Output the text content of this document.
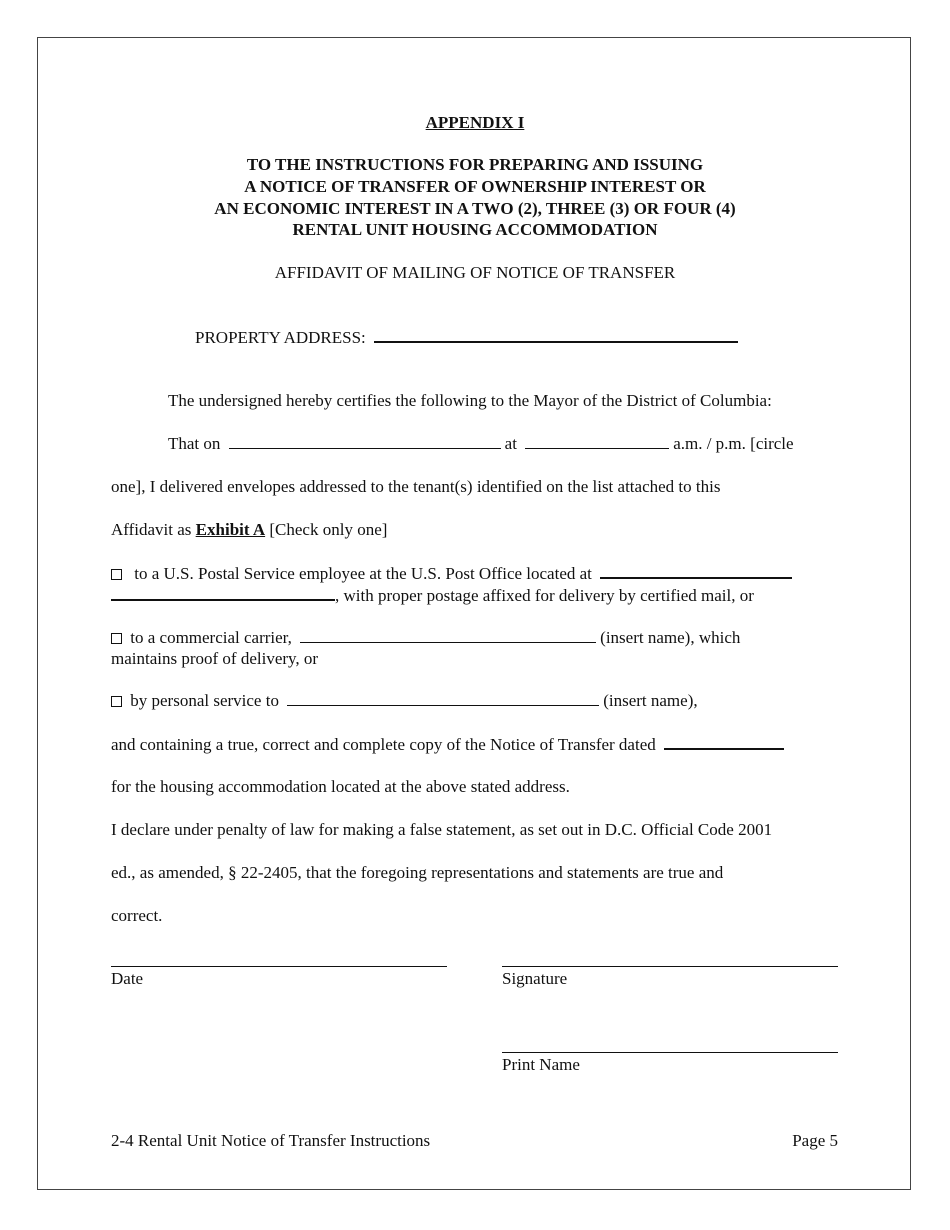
APPENDIX I
TO THE INSTRUCTIONS FOR PREPARING AND ISSUING
A NOTICE OF TRANSFER OF OWNERSHIP INTEREST OR
AN ECONOMIC INTEREST IN A TWO (2), THREE (3) OR FOUR (4)
RENTAL UNIT HOUSING ACCOMMODATION
AFFIDAVIT OF MAILING OF NOTICE OF TRANSFER
PROPERTY ADDRESS:
The undersigned hereby certifies the following to the Mayor of the District of Columbia:
That on	at	a.m. / p.m. [circle
one], I delivered envelopes addressed to the tenant(s) identified on the list attached to this
Affidavit as Exhibit A [Check only one]
to a U.S. Postal Service employee at the U.S. Post Office located at
, with proper postage affixed for delivery by certified mail, or
to a commercial carrier,	(insert name), which
maintains proof of delivery, or
by personal service to	(insert name),
and containing a true, correct and complete copy of the Notice of Transfer dated
for the housing accommodation located at the above stated address.
I declare under penalty of law for making a false statement, as set out in D.C. Official Code 2001
ed., as amended, § 22-2405, that the foregoing representations and statements are true and
correct.
Date	Signature
Print Name
2-4 Rental Unit Notice of Transfer Instructions	Page 5
